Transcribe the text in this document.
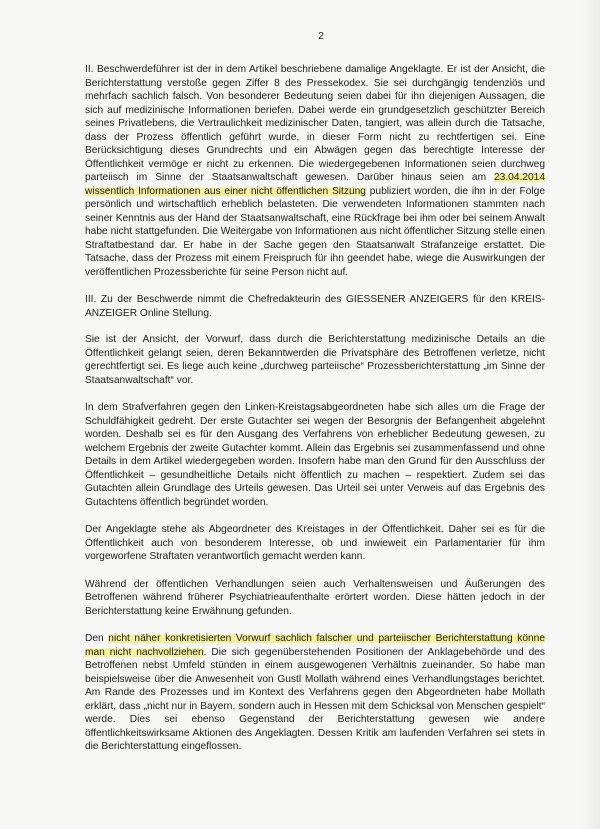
2

II. Beschwerdeführer ist der in dem Artikel beschriebene damalige Angeklagte. Er ist der Ansicht, die Berichterstattung verstoße gegen Ziffer 8 des Pressekodex. Sie sei durchgängig tendenziös und mehrfach sachlich falsch. Von besonderer Bedeutung seien dabei für ihn diejenigen Aussagen, die sich auf medizinische Informationen beriefen. Dabei werde ein grundgesetzlich geschützter Bereich seines Privatlebens, die Vertraulichkeit medizinischer Daten, tangiert, was allein durch die Tatsache, dass der Prozess öffentlich geführt wurde, in dieser Form nicht zu rechtfertigen sei. Eine Berücksichtigung dieses Grundrechts und ein Abwägen gegen das berechtigte Interesse der Öffentlichkeit vermöge er nicht zu erkennen. Die wiedergegebenen Informationen seien durchweg parteiisch im Sinne der Staatsanwaltschaft gewesen. Darüber hinaus seien am 23.04.2014 wissentlich Informationen aus einer nicht öffentlichen Sitzung publiziert worden, die ihn in der Folge persönlich und wirtschaftlich erheblich belasteten. Die verwendeten Informationen stammten nach seiner Kenntnis aus der Hand der Staatsanwaltschaft, eine Rückfrage bei ihm oder bei seinem Anwalt habe nicht stattgefunden. Die Weitergabe von Informationen aus nicht öffentlicher Sitzung stelle einen Straftatbestand dar. Er habe in der Sache gegen den Staatsanwalt Strafanzeige erstattet. Die Tatsache, dass der Prozess mit einem Freispruch für ihn geendet habe, wiege die Auswirkungen der veröffentlichen Prozessberichte für seine Person nicht auf.

III. Zu der Beschwerde nimmt die Chefredakteurin des GIESSENER ANZEIGERS für den KREIS-ANZEIGER Online Stellung.

Sie ist der Ansicht, der Vorwurf, dass durch die Berichterstattung medizinische Details an die Öffentlichkeit gelangt seien, deren Bekanntwerden die Privatsphäre des Betroffenen verletze, nicht gerechtfertigt sei. Es liege auch keine „durchweg parteiische“ Prozessberichterstattung „im Sinne der Staatsanwaltschaft“ vor.

In dem Strafverfahren gegen den Linken-Kreistagsabgeordneten habe sich alles um die Frage der Schuldfähigkeit gedreht. Der erste Gutachter sei wegen der Besorgnis der Befangenheit abgelehnt worden. Deshalb sei es für den Ausgang des Verfahrens von erheblicher Bedeutung gewesen, zu welchem Ergebnis der zweite Gutachter kommt. Allein das Ergebnis sei zusammenfassend und ohne Details in dem Artikel wiedergegeben worden. Insofern habe man den Grund für den Ausschluss der Öffentlichkeit – gesundheitliche Details nicht öffentlich zu machen – respektiert. Zudem sei das Gutachten allein Grundlage des Urteils gewesen. Das Urteil sei unter Verweis auf das Ergebnis des Gutachtens öffentlich begründet worden.

Der Angeklagte stehe als Abgeordneter des Kreistages in der Öffentlichkeit. Daher sei es für die Öffentlichkeit auch von besonderem Interesse, ob und inwieweit ein Parlamentarier für ihm vorgeworfene Straftaten verantwortlich gemacht werden kann.

Während der öffentlichen Verhandlungen seien auch Verhaltensweisen und Äußerungen des Betroffenen während früherer Psychiatrieaufenthalte erörtert worden. Diese hätten jedoch in der Berichterstattung keine Erwähnung gefunden.

Den nicht näher konkretisierten Vorwurf sachlich falscher und parteiischer Berichterstattung könne man nicht nachvollziehen. Die sich gegenüberstehenden Positionen der Anklagebehörde und des Betroffenen nebst Umfeld stünden in einem ausgewogenen Verhältnis zueinander. So habe man beispielsweise über die Anwesenheit von Gustl Mollath während eines Verhandlungstages berichtet. Am Rande des Prozesses und im Kontext des Verfahrens gegen den Abgeordneten habe Mollath erklärt, dass „nicht nur in Bayern, sondern auch in Hessen mit dem Schicksal von Menschen gespielt“ werde. Dies sei ebenso Gegenstand der Berichterstattung gewesen wie andere öffentlichkeitswirksame Aktionen des Angeklagten. Dessen Kritik am laufenden Verfahren sei stets in die Berichterstattung eingeflossen.
